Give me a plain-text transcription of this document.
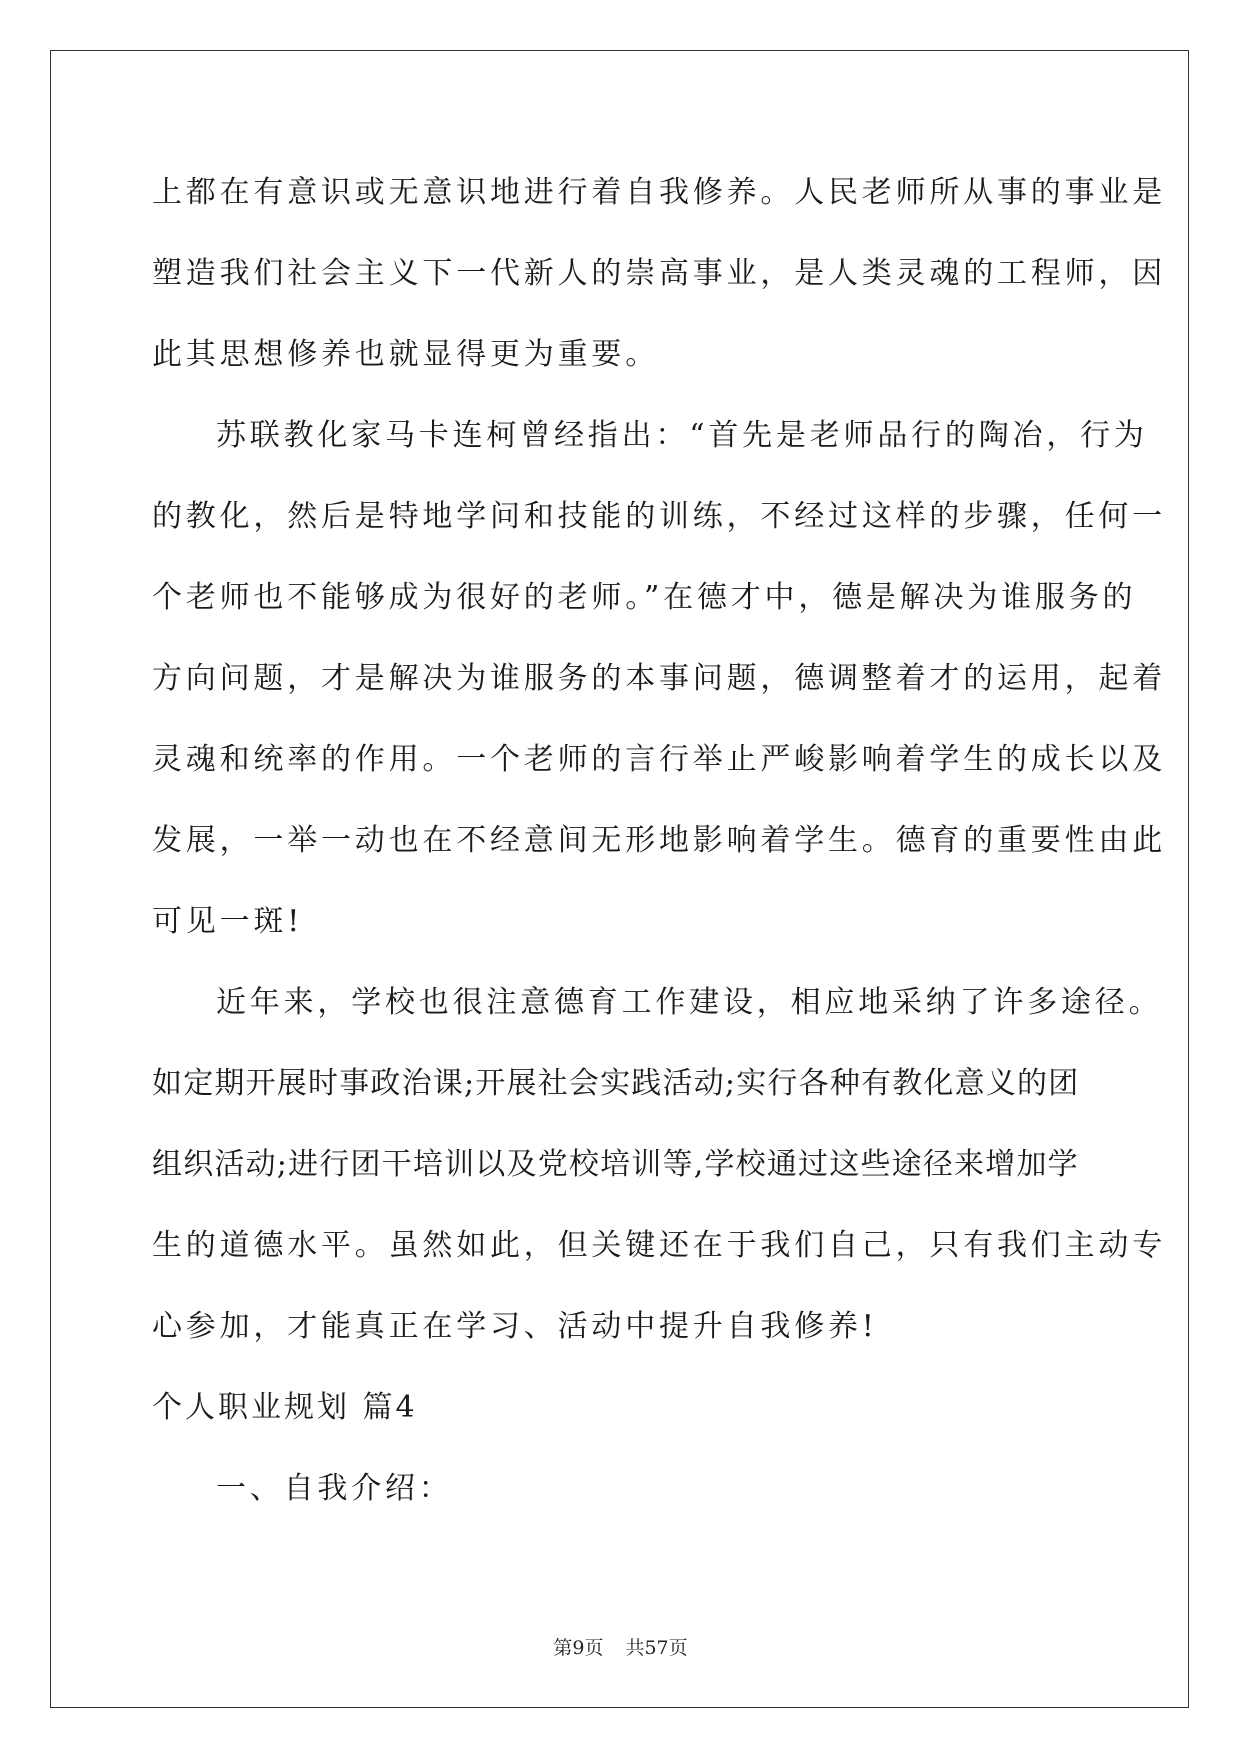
上都在有意识或无意识地进行着自我修养。人民老师所从事的事业是
塑造我们社会主义下一代新人的崇高事业，是人类灵魂的工程师，因
此其思想修养也就显得更为重要。
苏联教化家马卡连柯曾经指出：“首先是老师品行的陶冶，行为
的教化，然后是特地学问和技能的训练，不经过这样的步骤，任何一
个老师也不能够成为很好的老师。”在德才中，德是解决为谁服务的
方向问题，才是解决为谁服务的本事问题，德调整着才的运用，起着
灵魂和统率的作用。一个老师的言行举止严峻影响着学生的成长以及
发展，一举一动也在不经意间无形地影响着学生。德育的重要性由此
可见一斑!
近年来，学校也很注意德育工作建设，相应地采纳了许多途径。
如定期开展时事政治课;开展社会实践活动;实行各种有教化意义的团
组织活动;进行团干培训以及党校培训等,学校通过这些途径来增加学
生的道德水平。虽然如此，但关键还在于我们自己，只有我们主动专
心参加，才能真正在学习、活动中提升自我修养!
个人职业规划 篇4
一、自我介绍：
第9页 共57页
